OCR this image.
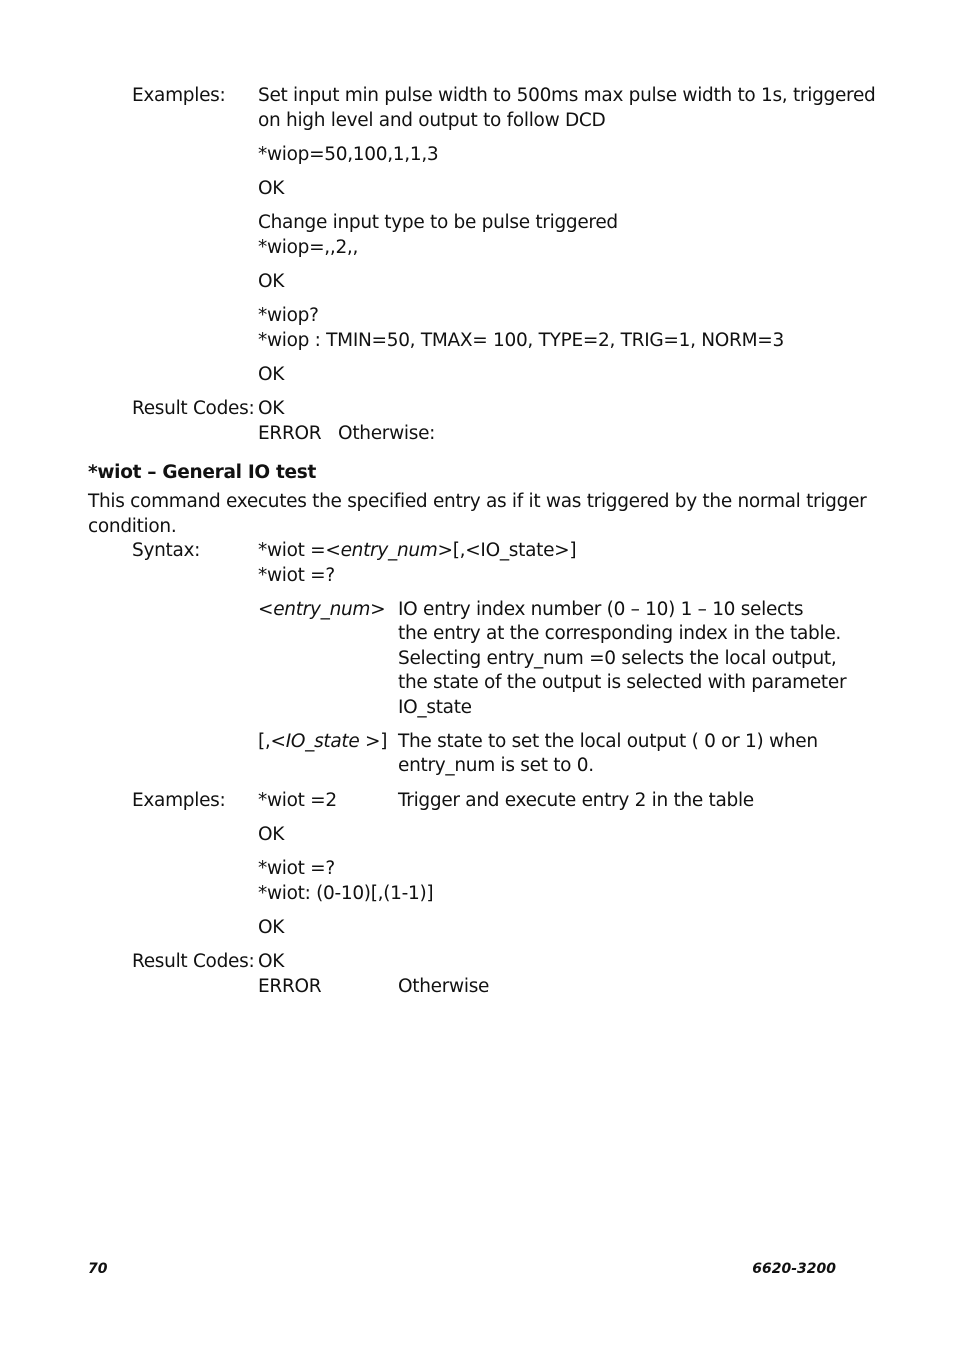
Examples: Set input min pulse width to 500ms max pulse width to 1s, triggered
on high level and output to follow DCD
*wiop=50,100,1,1,3
OK
Change input type to be pulse triggered
*wiop=,,2,,
OK
*wiop?
*wiop : TMIN=50, TMAX= 100, TYPE=2, TRIG=1, NORM=3
OK
Result Codes: OK
ERROR   Otherwise:
*wiot – General IO test
This command executes the specified entry as if it was triggered by the normal trigger
condition.
Syntax:	*wiot =<entry_num>[,<IO_state>]
*wiot =?
<entry_num> IO entry index number (0 – 10) 1 – 10 selects
the entry at the corresponding index in the table.
Selecting entry_num =0 selects the local output,
the state of the output is selected with parameter
IO_state
[,<IO_state >] The state to set the local output ( 0 or 1) when
entry_num is set to 0.
Examples: *wiot =2	Trigger and execute entry 2 in the table
OK
*wiot =?
*wiot: (0-10)[,(1-1)]
OK
Result Codes: OK
ERROR	Otherwise
70	6620-3200
